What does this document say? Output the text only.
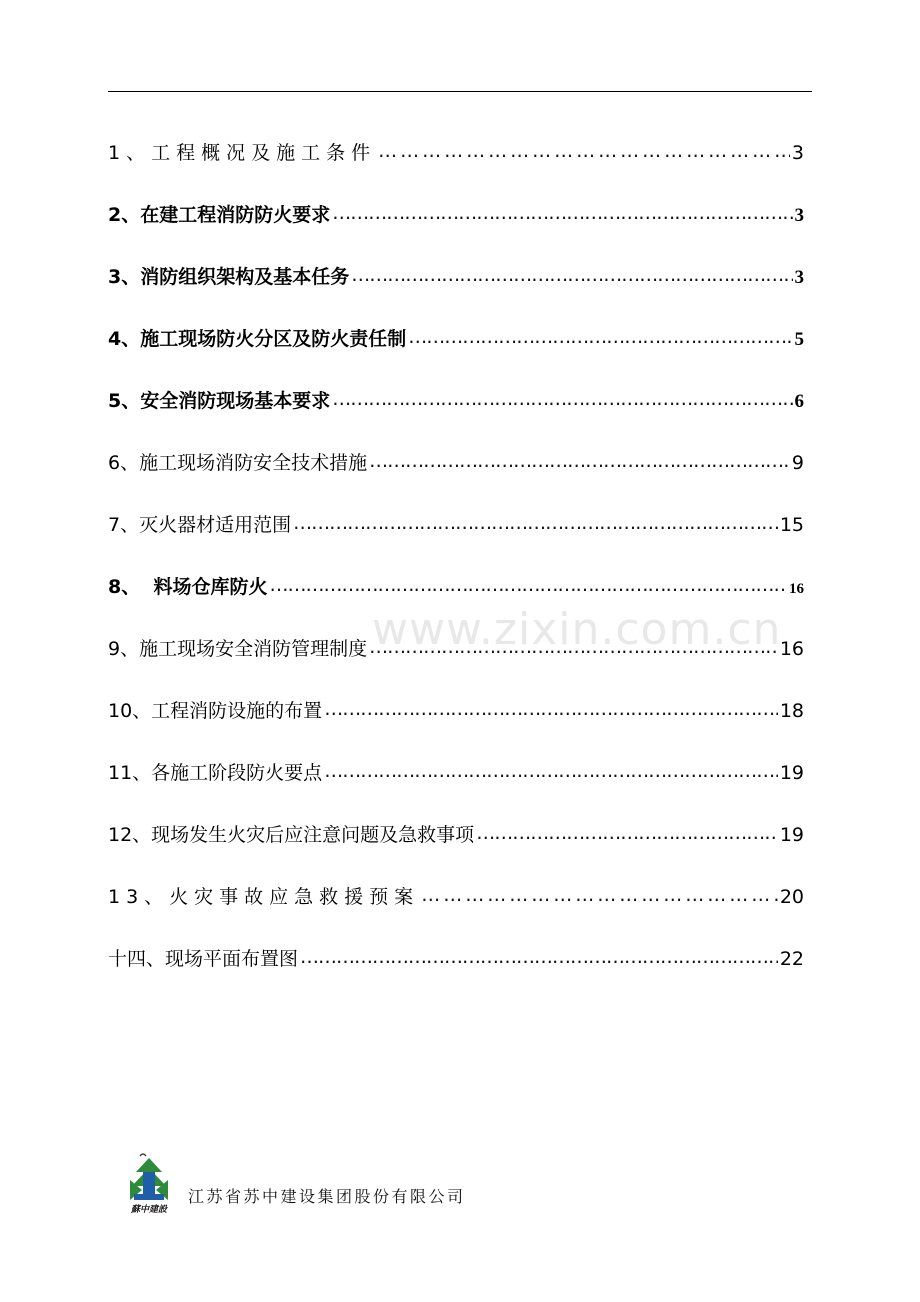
1、工程概况及施工条件 …………………………………………………………………………………………………………………………………………………………………	3
2、在建工程消防防火要求 …………………………………………………………………………………………………………………………………………………………………	3
3、消防组织架构及基本任务 …………………………………………………………………………………………………………………………………………………………………	3
4、施工现场防火分区及防火责任制 …………………………………………………………………………………………………………………………………………………………………	5
5、安全消防现场基本要求 …………………………………………………………………………………………………………………………………………………………………	6
6、施工现场消防安全技术措施 …………………………………………………………………………………………………………………………………………………………………	9
7、灭火器材适用范围 …………………………………………………………………………………………………………………………………………………………………	15
8、  料场仓库防火 …………………………………………………………………………………………………………………………………………………………………	16
9、施工现场安全消防管理制度 …………………………………………………………………………………………………………………………………………………………………	16
10、工程消防设施的布置 …………………………………………………………………………………………………………………………………………………………………	18
11、各施工阶段防火要点 …………………………………………………………………………………………………………………………………………………………………	19
12、现场发生火灾后应注意问题及急救事项 …………………………………………………………………………………………………………………………………………………………………	19
13、火灾事故应急救援预案 …………………………………………………………………………………………………………………………………………………………………	20
十四、现场平面布置图 …………………………………………………………………………………………………………………………………………………………………	22
www.zixin.com.cn
蘇中建設
江苏省苏中建设集团股份有限公司
